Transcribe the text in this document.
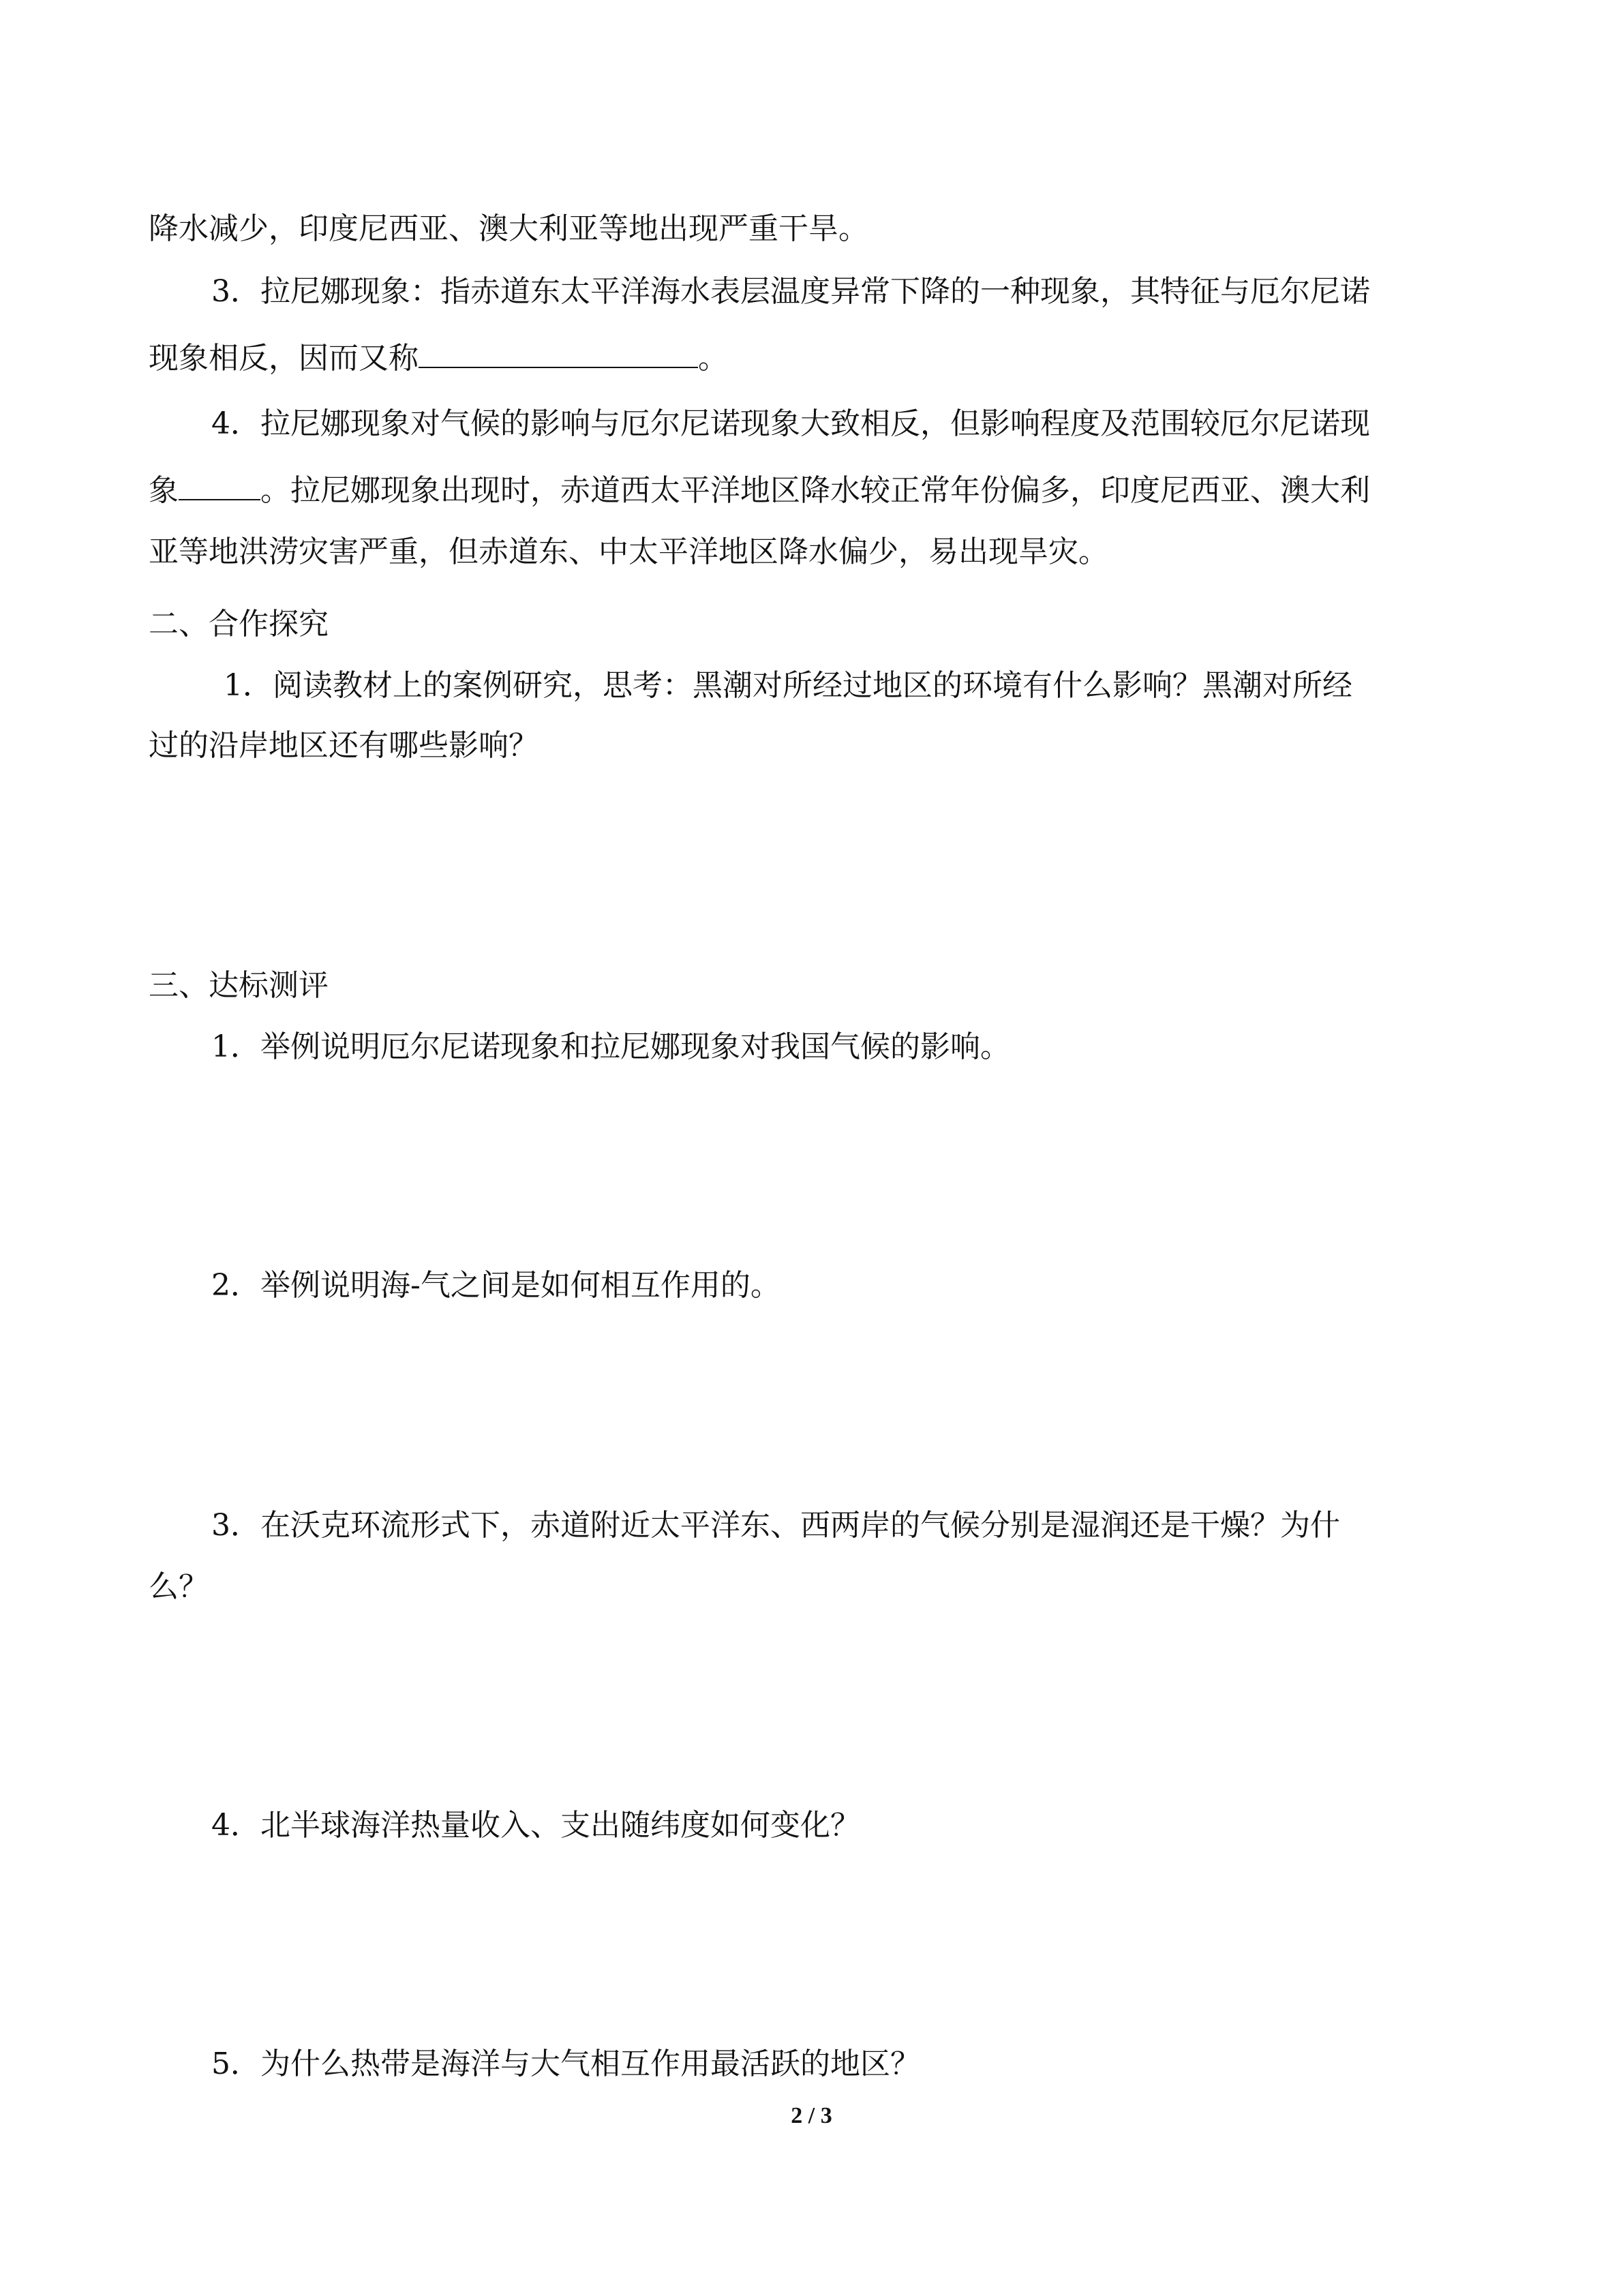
降水减少，印度尼西亚、澳大利亚等地出现严重干旱。
3．拉尼娜现象：指赤道东太平洋海水表层温度异常下降的一种现象，其特征与厄尔尼诺
现象相反，因而又称	。
4．拉尼娜现象对气候的影响与厄尔尼诺现象大致相反，但影响程度及范围较厄尔尼诺现
象	。拉尼娜现象出现时，赤道西太平洋地区降水较正常年份偏多，印度尼西亚、澳大利
亚等地洪涝灾害严重，但赤道东、中太平洋地区降水偏少，易出现旱灾。
二、合作探究
1．阅读教材上的案例研究，思考：黑潮对所经过地区的环境有什么影响？黑潮对所经
过的沿岸地区还有哪些影响？
三、达标测评
1．举例说明厄尔尼诺现象和拉尼娜现象对我国气候的影响。
2．举例说明海-气之间是如何相互作用的。
3．在沃克环流形式下，赤道附近太平洋东、西两岸的气候分别是湿润还是干燥？为什
么？
4．北半球海洋热量收入、支出随纬度如何变化？
5．为什么热带是海洋与大气相互作用最活跃的地区？
2 / 3
